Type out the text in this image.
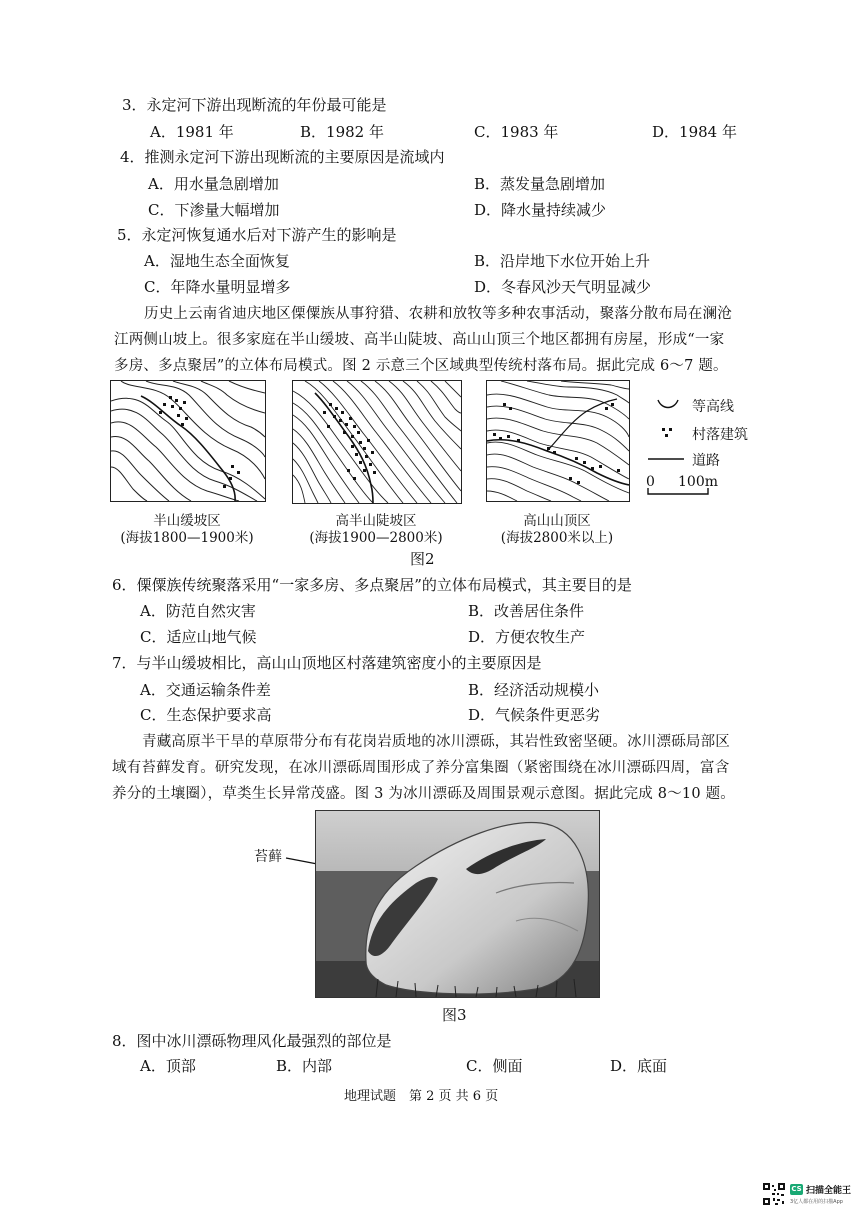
3．永定河下游出现断流的年份最可能是
A．1981 年	B．1982 年	C．1983 年	D．1984 年
4．推测永定河下游出现断流的主要原因是流域内
A．用水量急剧增加	B．蒸发量急剧增加
C．下渗量大幅增加	D．降水量持续减少
5．永定河恢复通水后对下游产生的影响是
A．湿地生态全面恢复	B．沿岸地下水位开始上升
C．年降水量明显增多	D．冬春风沙天气明显减少
历史上云南省迪庆地区傈僳族从事狩猎、农耕和放牧等多种农事活动，聚落分散布局在澜沧
江两侧山坡上。很多家庭在半山缓坡、高半山陡坡、高山山顶三个地区都拥有房屋，形成“一家
多房、多点聚居”的立体布局模式。图 2 示意三个区域典型传统村落布局。据此完成 6～7 题。
等高线
村落建筑
道路
0 100m
半山缓坡区
(海拔1800—1900米)
高半山陡坡区
(海拔1900—2800米)
高山山顶区
(海拔2800米以上)
图2
6．傈僳族传统聚落采用“一家多房、多点聚居”的立体布局模式，其主要目的是
A．防范自然灾害	B．改善居住条件
C．适应山地气候	D．方便农牧生产
7．与半山缓坡相比，高山山顶地区村落建筑密度小的主要原因是
A．交通运输条件差	B．经济活动规模小
C．生态保护要求高	D．气候条件更恶劣
青藏高原半干旱的草原带分布有花岗岩质地的冰川漂砾，其岩性致密坚硬。冰川漂砾局部区
域有苔藓发育。研究发现，在冰川漂砾周围形成了养分富集圈（紧密围绕在冰川漂砾四周，富含
养分的土壤圈），草类生长异常茂盛。图 3 为冰川漂砾及周围景观示意图。据此完成 8～10 题。
苔藓
图3
8．图中冰川漂砾物理风化最强烈的部位是
A．顶部	B．内部	C．侧面	D．底面
地理试题　第 2 页 共 6 页
CS 扫描全能王
3亿人都在用的扫描App
